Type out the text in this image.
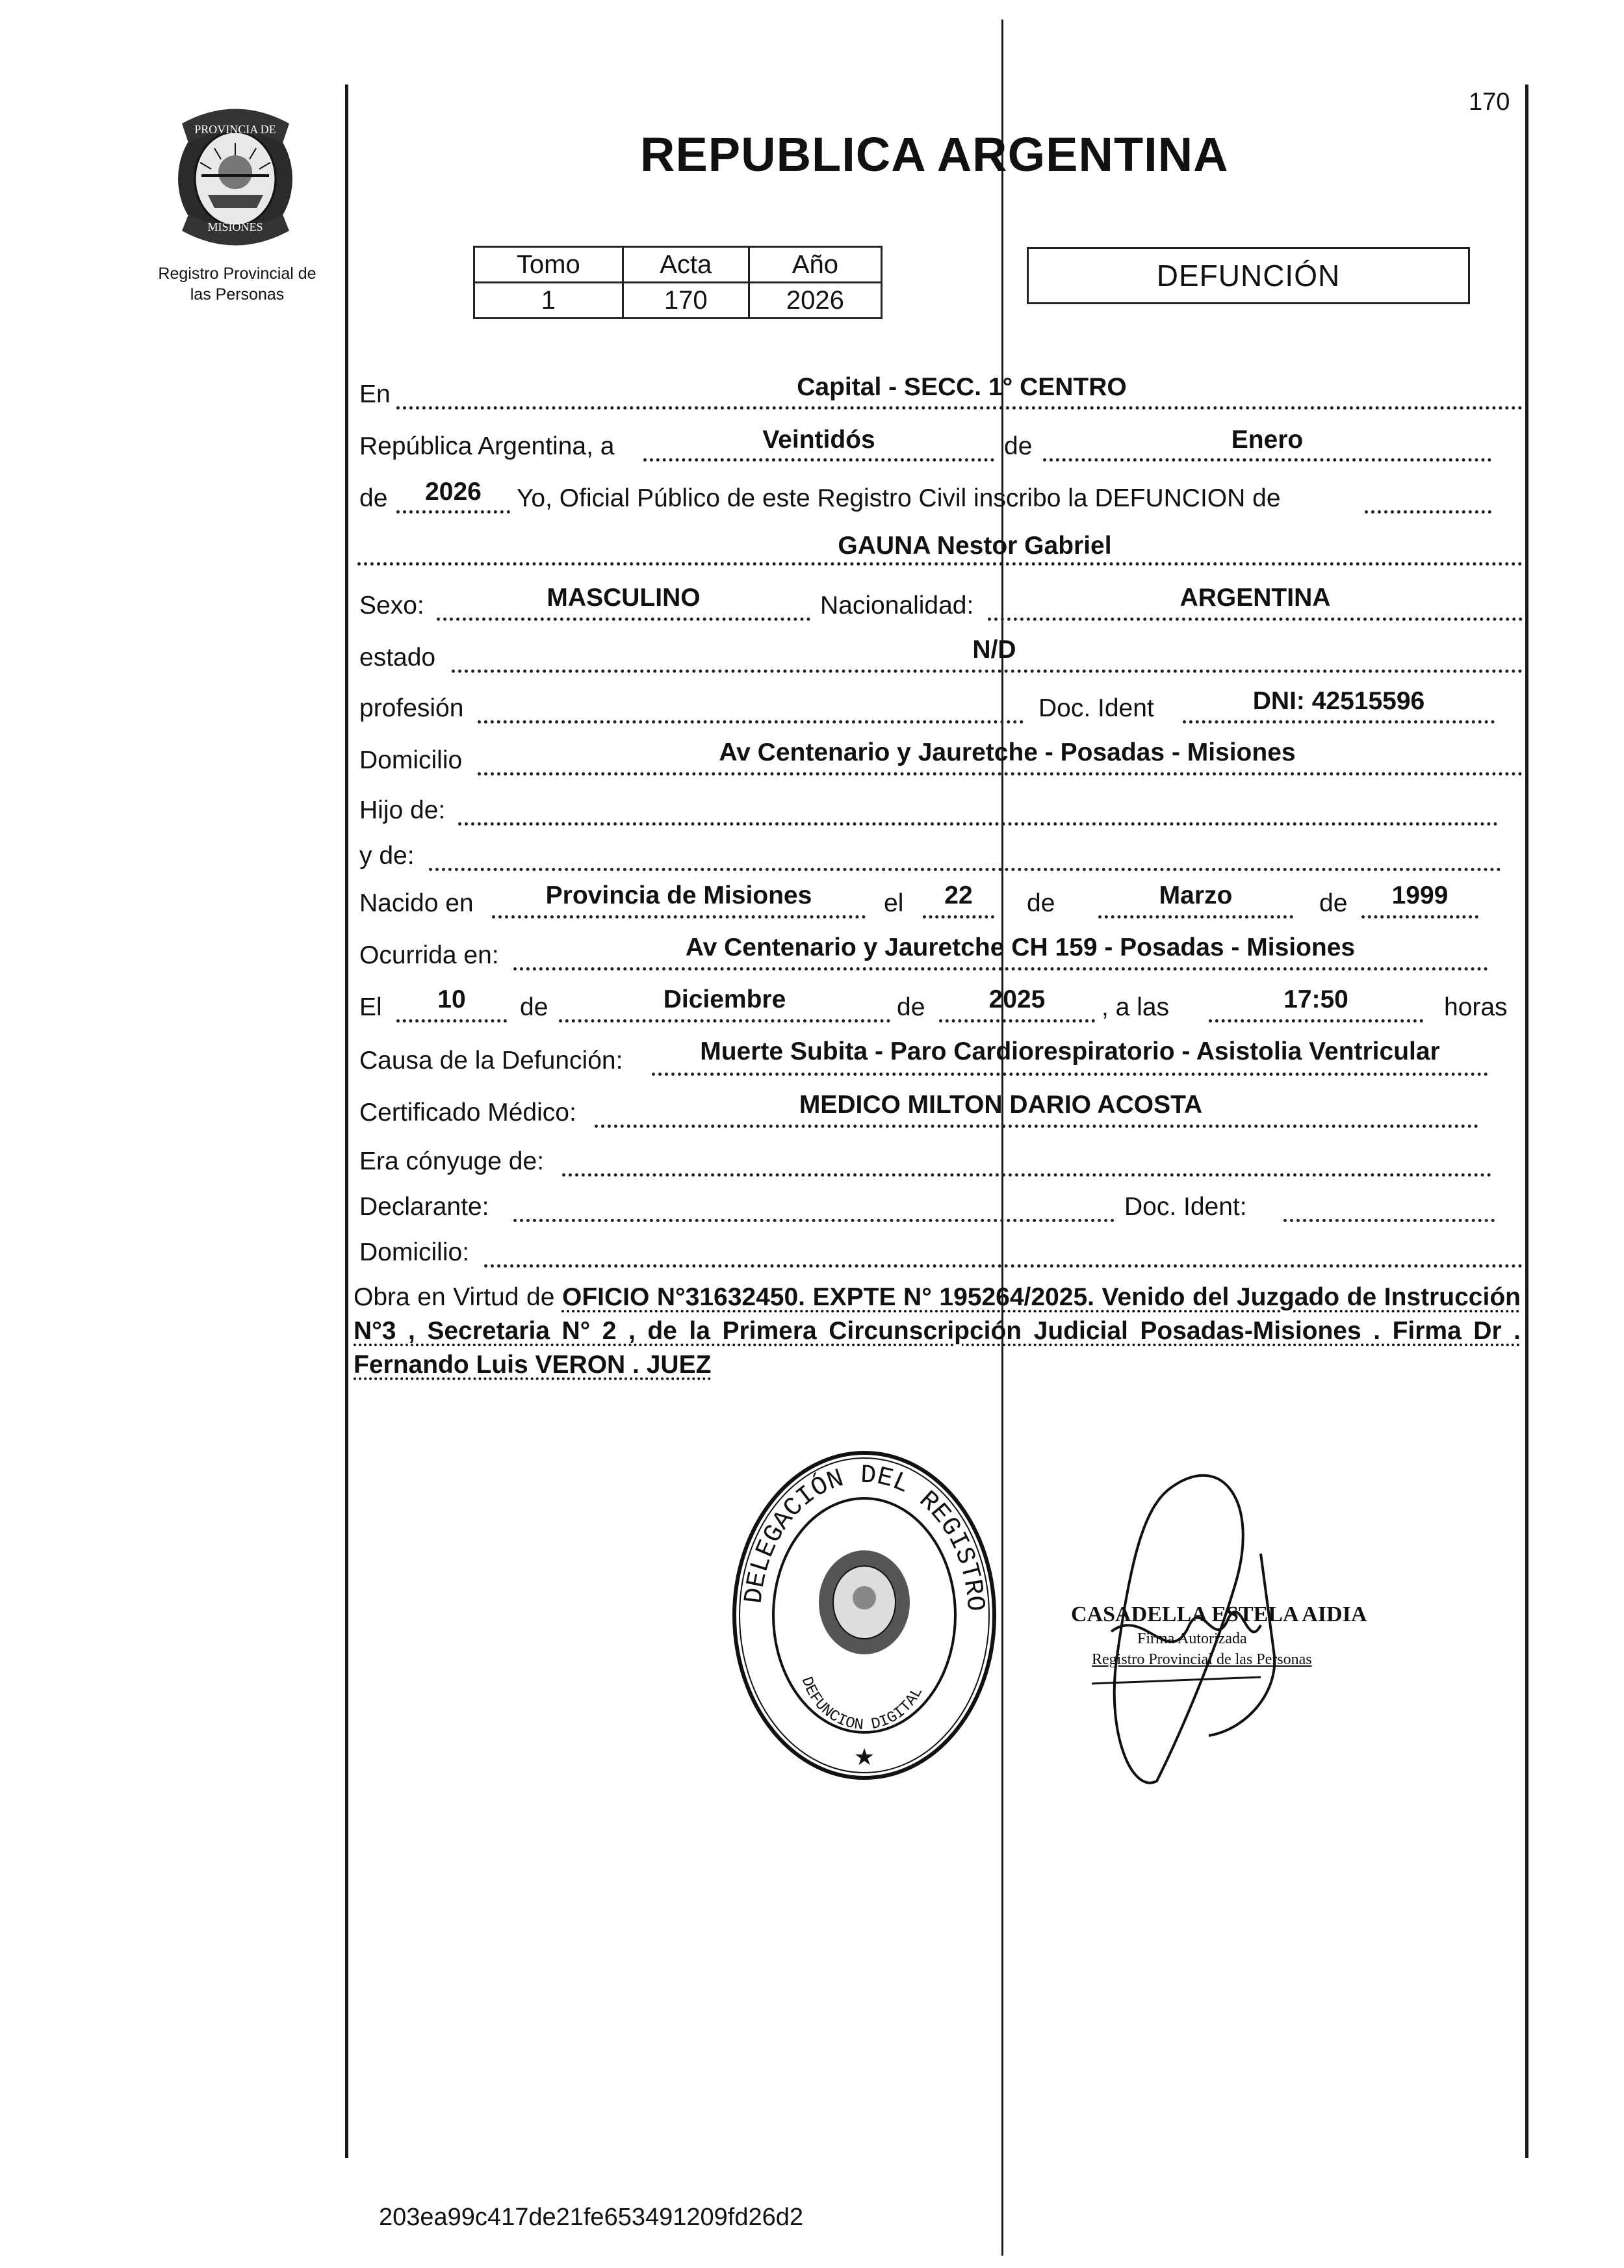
170
PROVINCIA DE
MISIONES
Registro Provincial de
las Personas
REPUBLICA ARGENTINA
Tomo	Acta	Año
1	170	2026
DEFUNCIÓN
En	Capital - SECC. 1° CENTRO
República Argentina, a	Veintidós	de	Enero
de	2026	Yo, Oficial Público de este Registro Civil inscribo la DEFUNCION de
GAUNA Nestor Gabriel
Sexo:	MASCULINO	Nacionalidad:	ARGENTINA
estado	N/D
profesión	Doc. Ident	DNI: 42515596
Domicilio	Av Centenario y Jauretche - Posadas - Misiones
Hijo de:
y de:
Nacido en	Provincia de Misiones	el	22	de	Marzo	de	1999
Ocurrida en:	Av Centenario y Jauretche CH 159 - Posadas - Misiones
El	10	de	Diciembre	de	2025	, a las	17:50	horas
Causa de la Defunción:	Muerte Subita - Paro Cardiorespiratorio - Asistolia Ventricular
Certificado Médico:	MEDICO MILTON DARIO ACOSTA
Era cónyuge de:
Declarante:	Doc. Ident:
Domicilio:
Obra en Virtud de OFICIO N°31632450. EXPTE N° 195264/2025. Venido del Juzgado de Instrucción N°3 , Secretaria N° 2 , de la Primera Circunscripción Judicial Posadas-Misiones . Firma Dr . Fernando Luis VERON . JUEZ
DELEGACIÓN DEL REGISTRO
DEFUNCION DIGITAL
★
CASADELLA ESTELA AIDIA
Firma Autorizada
Registro Provincial de las Personas
203ea99c417de21fe653491209fd26d2
